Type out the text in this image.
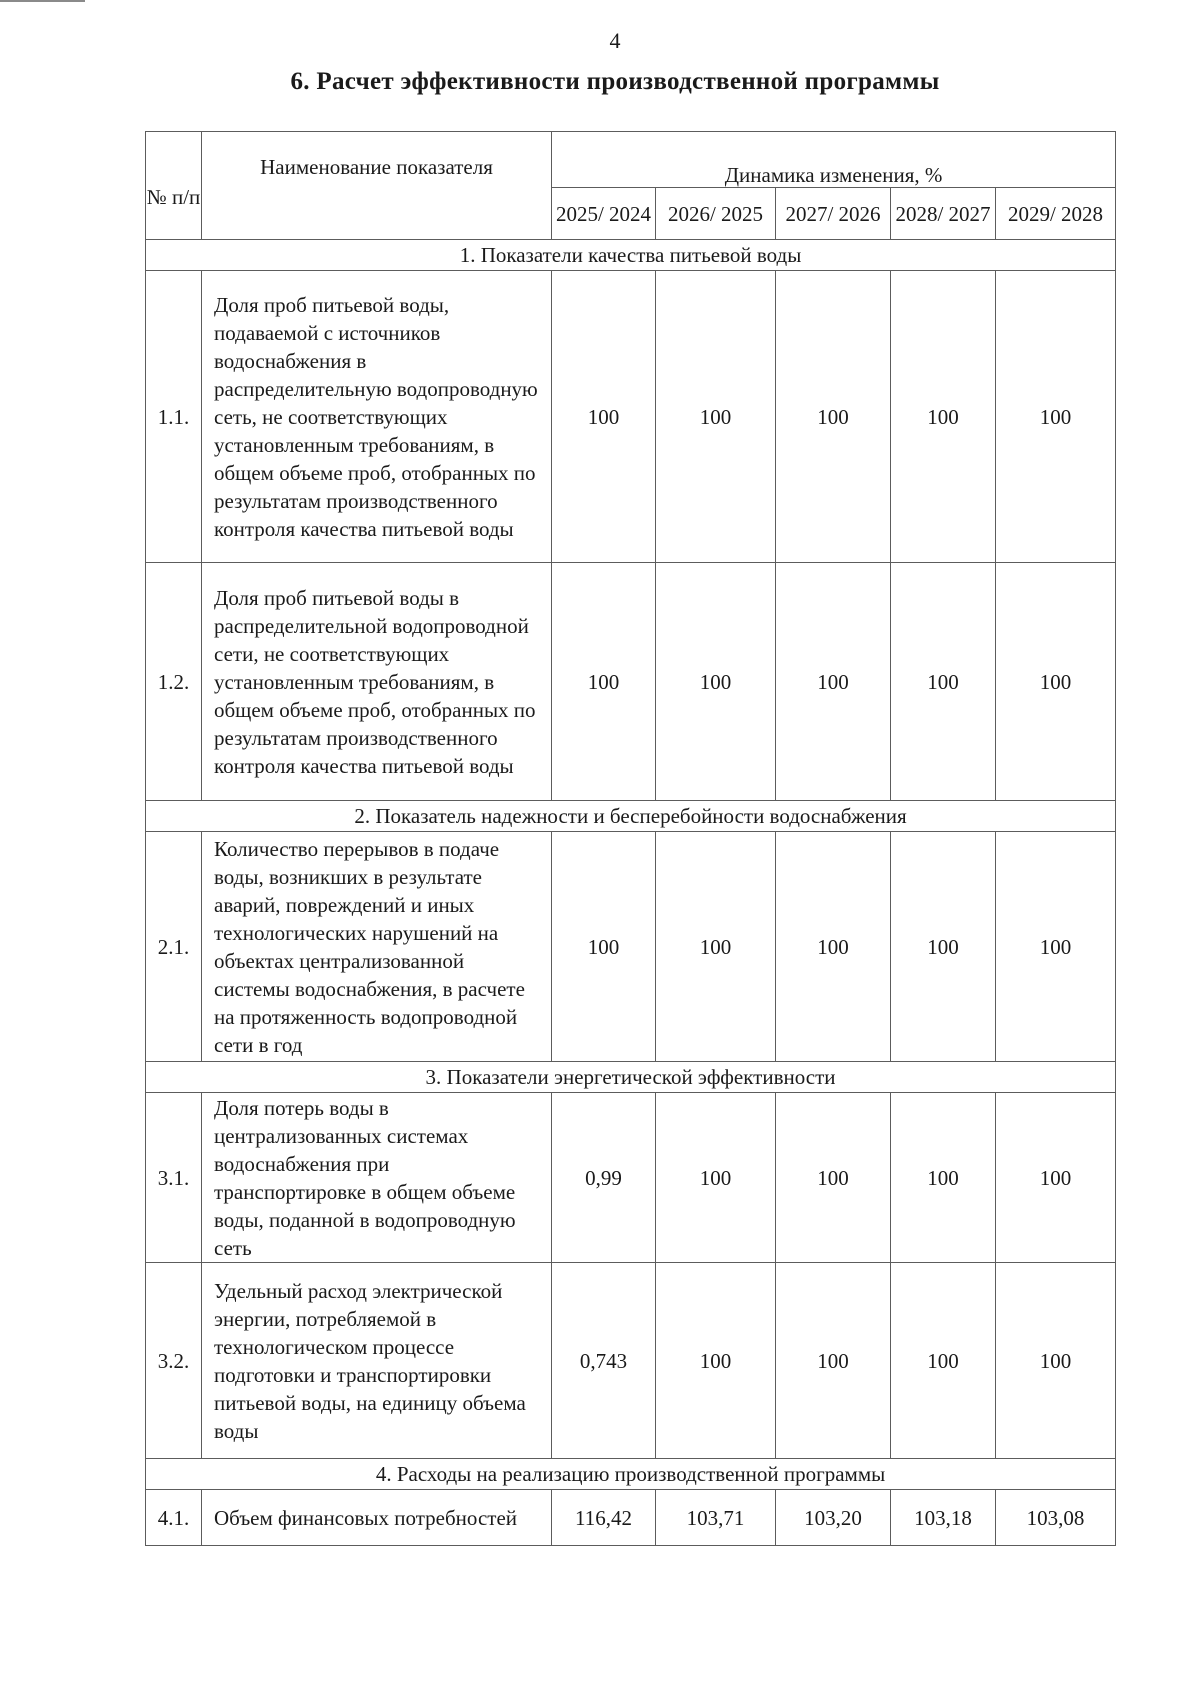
4
6. Расчет эффективности производственной программы
№ п/п	Наименование показателя	Динамика изменения, %				
		2025/ 2024	2026/ 2025	2027/ 2026	2028/ 2027	2029/ 2028
1. Показатели качества питьевой воды						
1.1.	Доля проб питьевой воды, подаваемой с источников водоснабжения в распределительную водопроводную сеть, не соответствующих установленным требованиям, в общем объеме проб, отобранных по результатам производственного контроля качества питьевой воды	100	100	100	100	100
1.2.	Доля проб питьевой воды в распределительной водопроводной сети, не соответствующих установленным требованиям, в общем объеме проб, отобранных по результатам производственного контроля качества питьевой воды	100	100	100	100	100
2. Показатель надежности и бесперебойности водоснабжения						
2.1.	Количество перерывов в подаче воды, возникших в результате аварий, повреждений и иных технологических нарушений на объектах централизованной системы водоснабжения, в расчете на протяженность водопроводной сети в год	100	100	100	100	100
3. Показатели энергетической эффективности						
3.1.	Доля потерь воды в централизованных системах водоснабжения при транспортировке в общем объеме воды, поданной в водопроводную сеть	0,99	100	100	100	100
3.2.	Удельный расход электрической энергии, потребляемой в технологическом процессе подготовки и транспортировки питьевой воды, на единицу объема воды	0,743	100	100	100	100
4. Расходы на реализацию производственной программы						
4.1.	Объем финансовых потребностей	116,42	103,71	103,20	103,18	103,08
